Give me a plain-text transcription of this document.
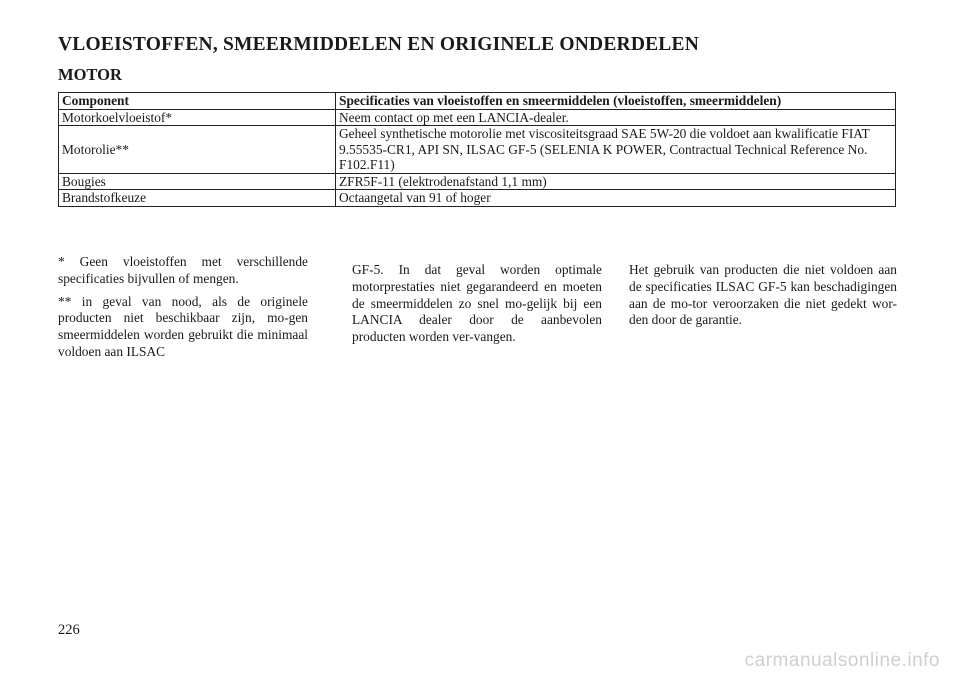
VLOEISTOFFEN, SMEERMIDDELEN EN ORIGINELE ONDERDELEN
MOTOR
Component	Specificaties van vloeistoffen en smeermiddelen (vloeistoffen, smeermiddelen)
Motorkoelvloeistof*	Neem contact op met een LANCIA-dealer.
Motorolie**	Geheel synthetische motorolie met viscositeitsgraad SAE 5W-20 die voldoet aan kwalificatie FIAT 9.55535-CR1, API SN, ILSAC GF-5 (SELENIA K POWER, Contractual Technical Reference No. F102.F11)
Bougies	ZFR5F-11 (elektrodenafstand 1,1 mm)
Brandstofkeuze	Octaangetal van 91 of hoger

* Geen vloeistoffen met verschillende specificaties bijvullen of mengen.

** in geval van nood, als de originele producten niet beschikbaar zijn, mo-gen smeermiddelen worden gebruikt die minimaal voldoen aan ILSAC

GF-5. In dat geval worden optimale motorprestaties niet gegarandeerd en moeten de smeermiddelen zo snel mo-gelijk bij een LANCIA dealer door de aanbevolen producten worden ver-vangen.

Het gebruik van producten die niet voldoen aan de specificaties ILSAC GF-5 kan beschadigingen aan de mo-tor veroorzaken die niet gedekt wor-den door de garantie.

226
carmanualsonline.info
